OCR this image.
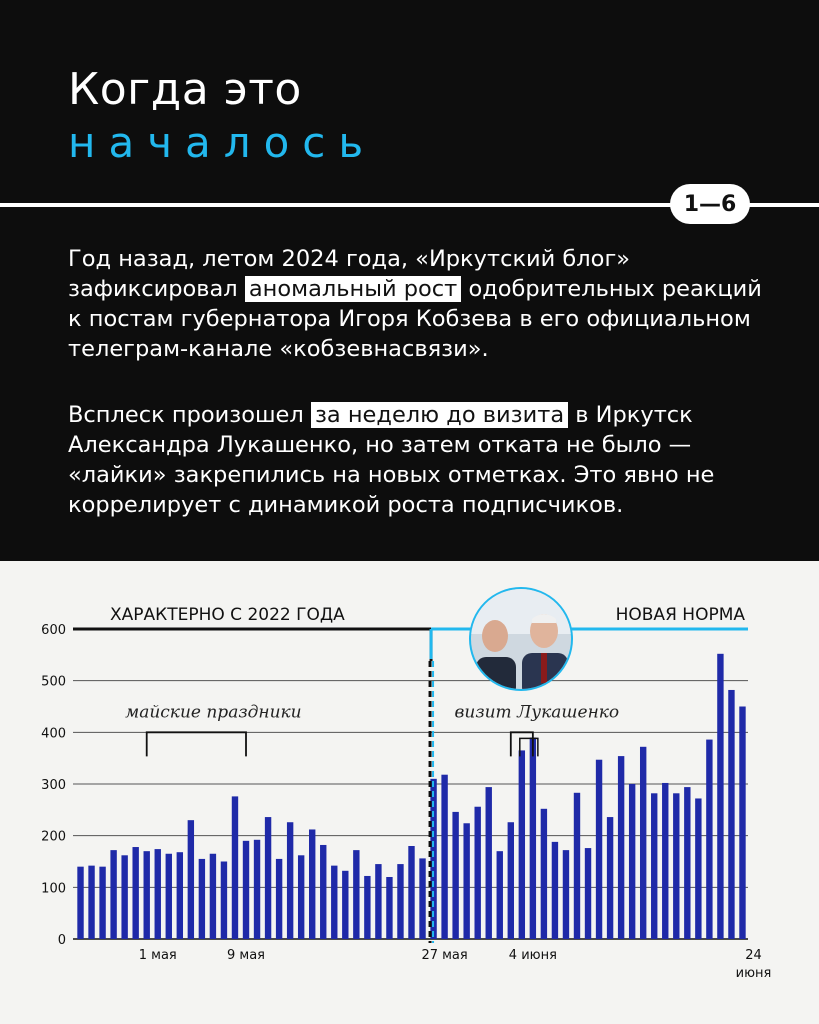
Когда это
началось
1—6

Год назад, летом 2024 года, «Иркутский блог» зафиксировал аномальный рост одобрительных реакций к постам губернатора Игоря Кобзева в его официальном телеграм-канале «кобзевнасвязи».

Всплеск произошел за неделю до визита в Иркутск Александра Лукашенко, но затем отката не было — «лайки» закрепились на новых отметках. Это явно не коррелирует с динамикой роста подписчиков.

0
100
200
300
400
500
600
1 мая	9 мая	27 мая	4 июня	24
июня
ХАРАКТЕРНО С 2022 ГОДА	НОВАЯ НОРМА
майские праздники	визит Лукашенко
